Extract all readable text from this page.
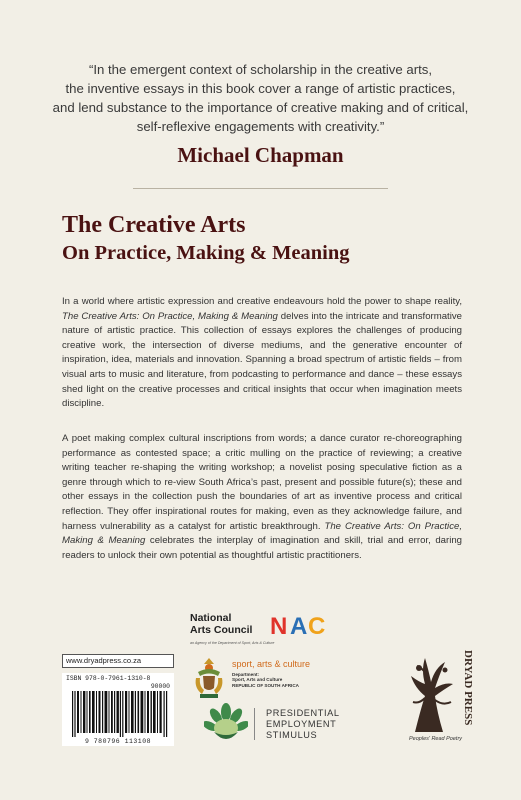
“In the emergent context of scholarship in the creative arts,
the inventive essays in this book cover a range of artistic practices,
and lend substance to the importance of creative making and of critical,
self-reflexive engagements with creativity.”
Michael Chapman
The Creative Arts
On Practice, Making & Meaning

In a world where artistic expression and creative endeavours hold the power to shape reality, The Creative Arts: On Practice, Making & Meaning delves into the intricate and transformative nature of artistic practice. This collection of essays explores the challenges of producing creative work, the intersection of diverse mediums, and the generative encounter of inspiration, idea, materials and innovation. Spanning a broad spectrum of artistic fields – from visual arts to music and literature, from podcasting to performance and dance – these essays shed light on the creative processes and critical insights that occur when imagination meets discipline.

A poet making complex cultural inscriptions from words; a dance curator re-choreographing performance as contested space; a critic mulling on the practice of reviewing; a creative writing teacher re-shaping the writing workshop; a novelist posing speculative fiction as a genre through which to re-view South Africa’s past, present and possible future(s); these and other essays in the collection push the boundaries of art as inventive process and critical reflection. They offer inspirational routes for making, even as they acknowledge failure, and harness vulnerability as a catalyst for artistic breakthrough. The Creative Arts: On Practice, Making & Meaning celebrates the interplay of imagination and skill, trial and error, daring readers to unlock their own potential as thoughtful artistic practitioners.

National
Arts Council N A C
an Agency of the Department of Sport, Arts & Culture
www.dryadpress.co.za
ISBN 978-0-7961-1310-8
90000
9 780796 113108
sport, arts & culture
Department:
Sport, Arts and Culture
REPUBLIC OF SOUTH AFRICA
PRESIDENTIAL
EMPLOYMENT
STIMULUS
DRYAD PRESS
Peoples' Read Poetry
